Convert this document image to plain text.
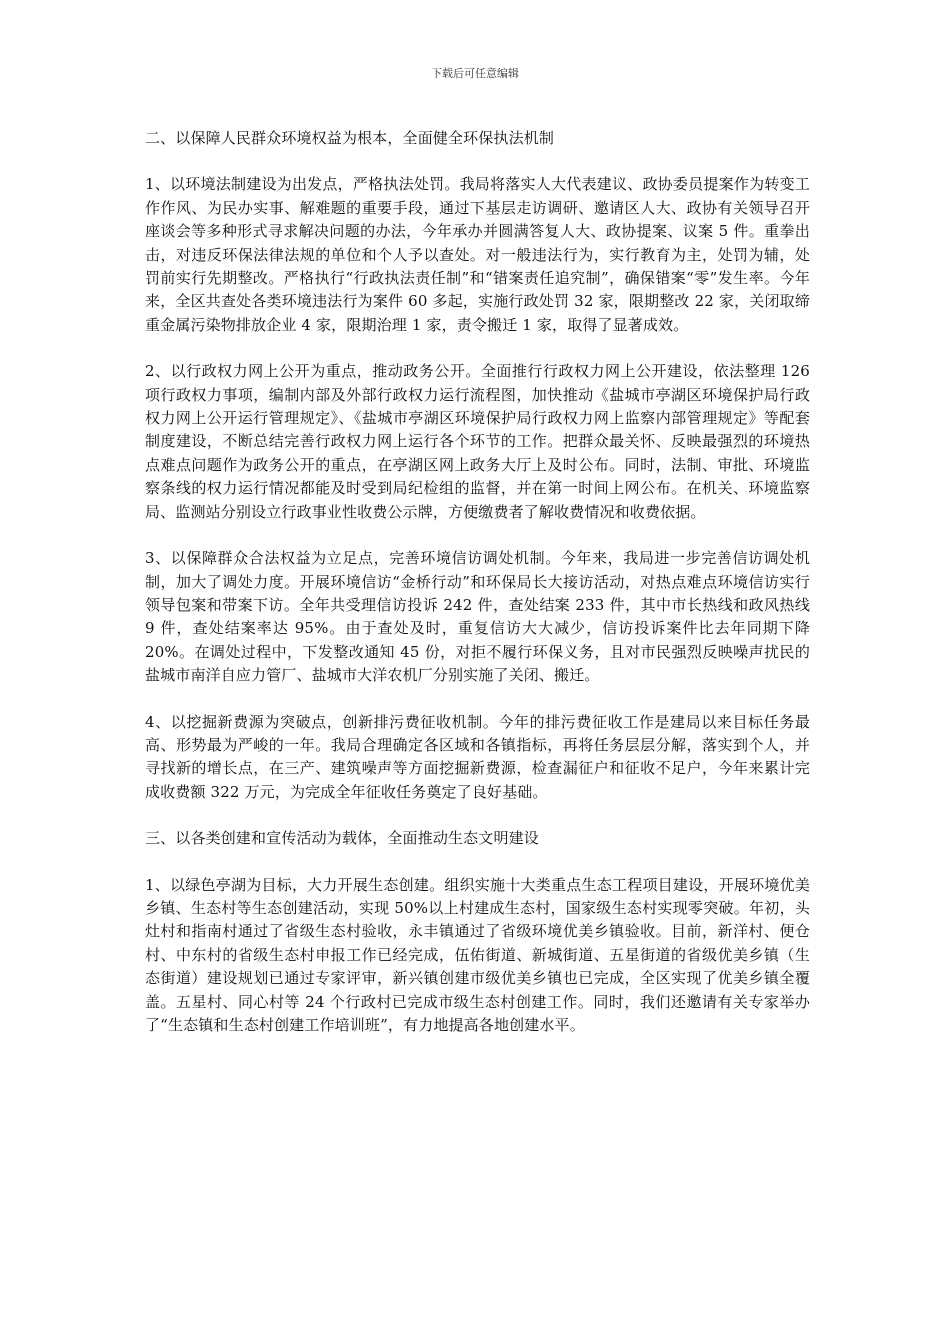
下载后可任意编辑

二、以保障人民群众环境权益为根本，全面健全环保执法机制

1、以环境法制建设为出发点，严格执法处罚。我局将落实人大代表建议、政协委员提案作为转变工作作风、为民办实事、解难题的重要手段，通过下基层走访调研、邀请区人大、政协有关领导召开座谈会等多种形式寻求解决问题的办法，今年承办并圆满答复人大、政协提案、议案 5 件。重拳出击，对违反环保法律法规的单位和个人予以查处。对一般违法行为，实行教育为主，处罚为辅，处罚前实行先期整改。严格执行“行政执法责任制”和“错案责任追究制”，确保错案“零”发生率。今年来，全区共查处各类环境违法行为案件 60 多起，实施行政处罚 32 家，限期整改 22 家，关闭取缔重金属污染物排放企业 4 家，限期治理 1 家，责令搬迁 1 家，取得了显著成效。

2、以行政权力网上公开为重点，推动政务公开。全面推行行政权力网上公开建设，依法整理 126 项行政权力事项，编制内部及外部行政权力运行流程图，加快推动《盐城市亭湖区环境保护局行政权力网上公开运行管理规定》、《盐城市亭湖区环境保护局行政权力网上监察内部管理规定》等配套制度建设，不断总结完善行政权力网上运行各个环节的工作。把群众最关怀、反映最强烈的环境热点难点问题作为政务公开的重点，在亭湖区网上政务大厅上及时公布。同时，法制、审批、环境监察条线的权力运行情况都能及时受到局纪检组的监督，并在第一时间上网公布。在机关、环境监察局、监测站分别设立行政事业性收费公示牌，方便缴费者了解收费情况和收费依据。

3、以保障群众合法权益为立足点，完善环境信访调处机制。今年来，我局进一步完善信访调处机制，加大了调处力度。开展环境信访“金桥行动”和环保局长大接访活动，对热点难点环境信访实行领导包案和带案下访。全年共受理信访投诉 242 件，查处结案 233 件，其中市长热线和政风热线 9 件，查处结案率达 95%。由于查处及时，重复信访大大减少，信访投诉案件比去年同期下降 20%。在调处过程中，下发整改通知 45 份，对拒不履行环保义务，且对市民强烈反映噪声扰民的盐城市南洋自应力管厂、盐城市大洋农机厂分别实施了关闭、搬迁。

4、以挖掘新费源为突破点，创新排污费征收机制。今年的排污费征收工作是建局以来目标任务最高、形势最为严峻的一年。我局合理确定各区域和各镇指标，再将任务层层分解，落实到个人，并寻找新的增长点，在三产、建筑噪声等方面挖掘新费源，检查漏征户和征收不足户，今年来累计完成收费额 322 万元，为完成全年征收任务奠定了良好基础。

三、以各类创建和宣传活动为载体，全面推动生态文明建设

1、以绿色亭湖为目标，大力开展生态创建。组织实施十大类重点生态工程项目建设，开展环境优美乡镇、生态村等生态创建活动，实现 50%以上村建成生态村，国家级生态村实现零突破。年初，头灶村和指南村通过了省级生态村验收，永丰镇通过了省级环境优美乡镇验收。目前，新洋村、便仓村、中东村的省级生态村申报工作已经完成，伍佑街道、新城街道、五星街道的省级优美乡镇（生态街道）建设规划已通过专家评审，新兴镇创建市级优美乡镇也已完成，全区实现了优美乡镇全覆盖。五星村、同心村等 24 个行政村已完成市级生态村创建工作。同时，我们还邀请有关专家举办了“生态镇和生态村创建工作培训班”，有力地提高各地创建水平。
